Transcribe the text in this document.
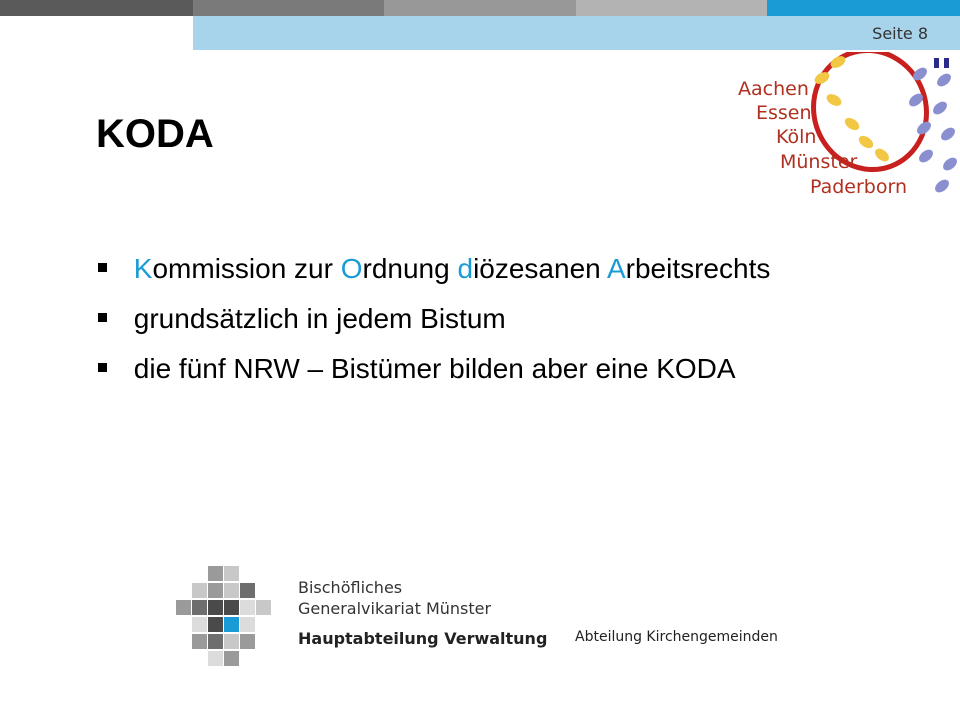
Seite 8
Aachen
Essen
Köln
Münster
Paderborn
KODA
Kommission zur Ordnung diözesanen Arbeitsrechts
grundsätzlich in jedem Bistum
die fünf NRW – Bistümer bilden aber eine KODA
Bischöfliches
Generalvikariat Münster
Hauptabteilung Verwaltung Abteilung Kirchengemeinden
